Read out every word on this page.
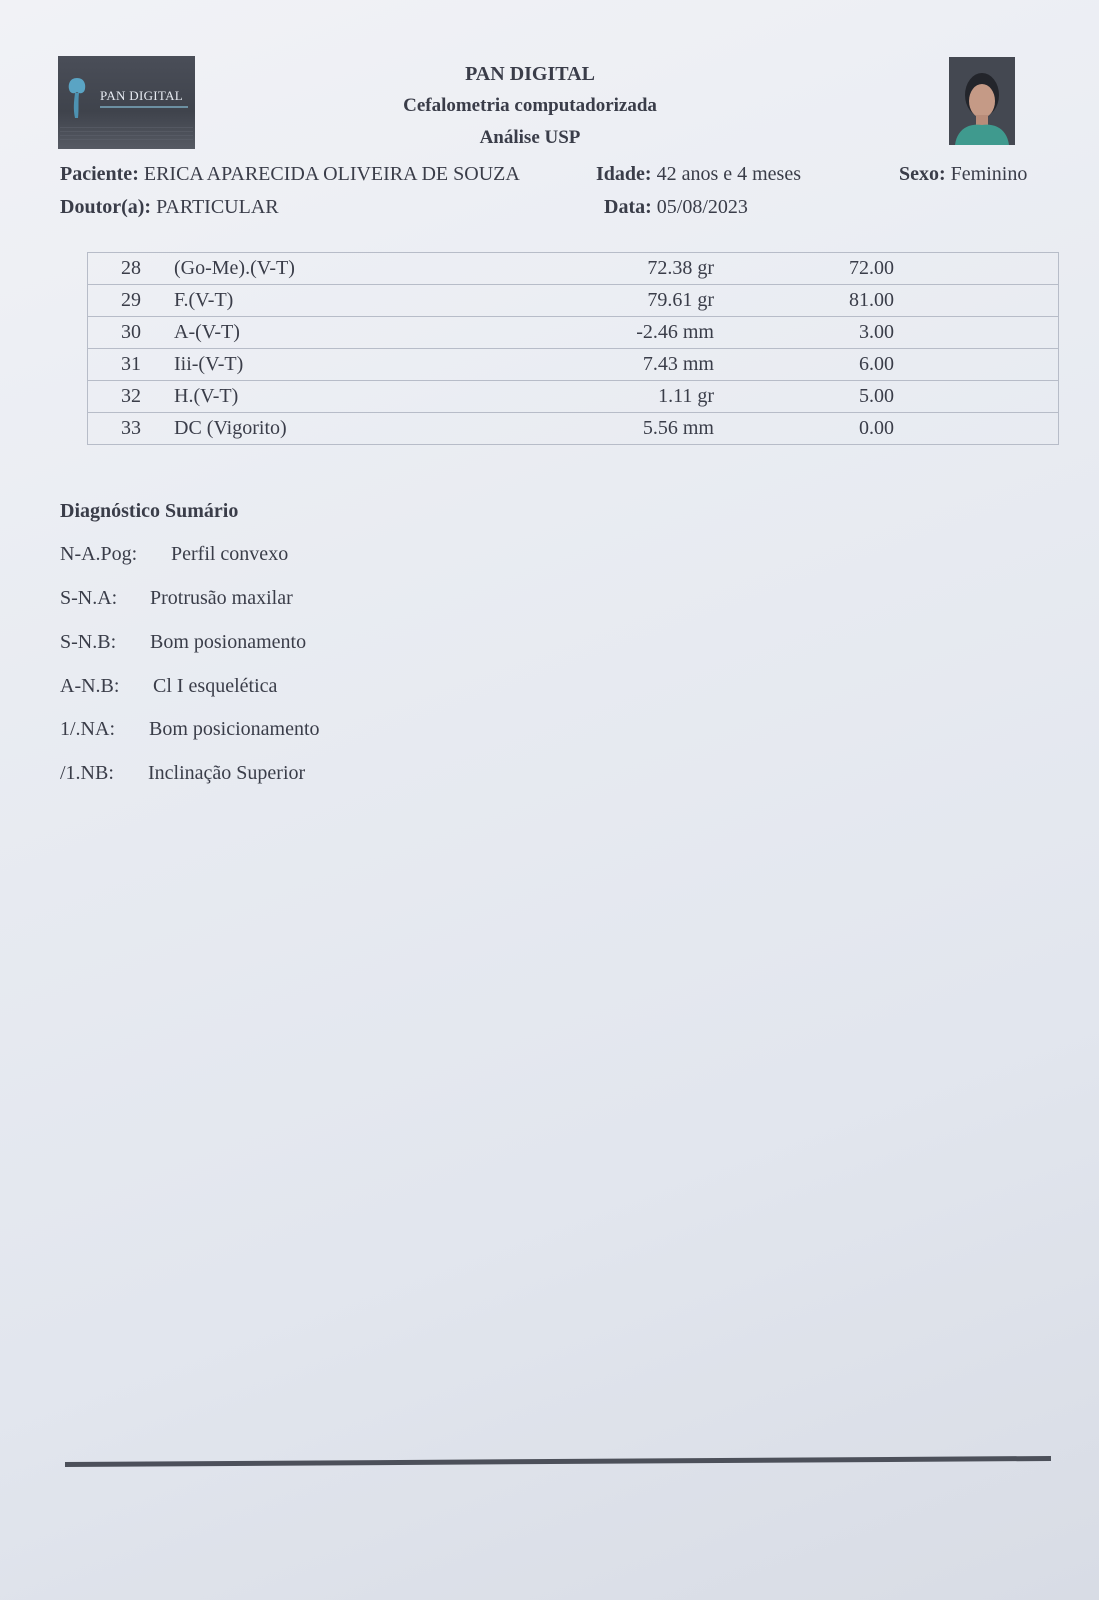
PAN DIGITAL
PAN DIGITAL
Cefalometria computadorizada
Análise USP
Paciente: ERICA APARECIDA OLIVEIRA DE SOUZA	Idade: 42 anos e 4 meses	Sexo: Feminino
Doutor(a): PARTICULAR	Data: 05/08/2023
28	(Go-Me).(V-T)	72.38 gr	72.00	
29	F.(V-T)	79.61 gr	81.00	
30	A-(V-T)	-2.46 mm	3.00	
31	Iii-(V-T)	7.43 mm	6.00	
32	H.(V-T)	1.11 gr	5.00	
33	DC (Vigorito)	5.56 mm	0.00	
Diagnóstico Sumário
N-A.Pog: Perfil convexo
S-N.A: Protrusão maxilar
S-N.B: Bom posionamento
A-N.B: Cl I esquelética
1/.NA: Bom posicionamento
/1.NB: Inclinação Superior
